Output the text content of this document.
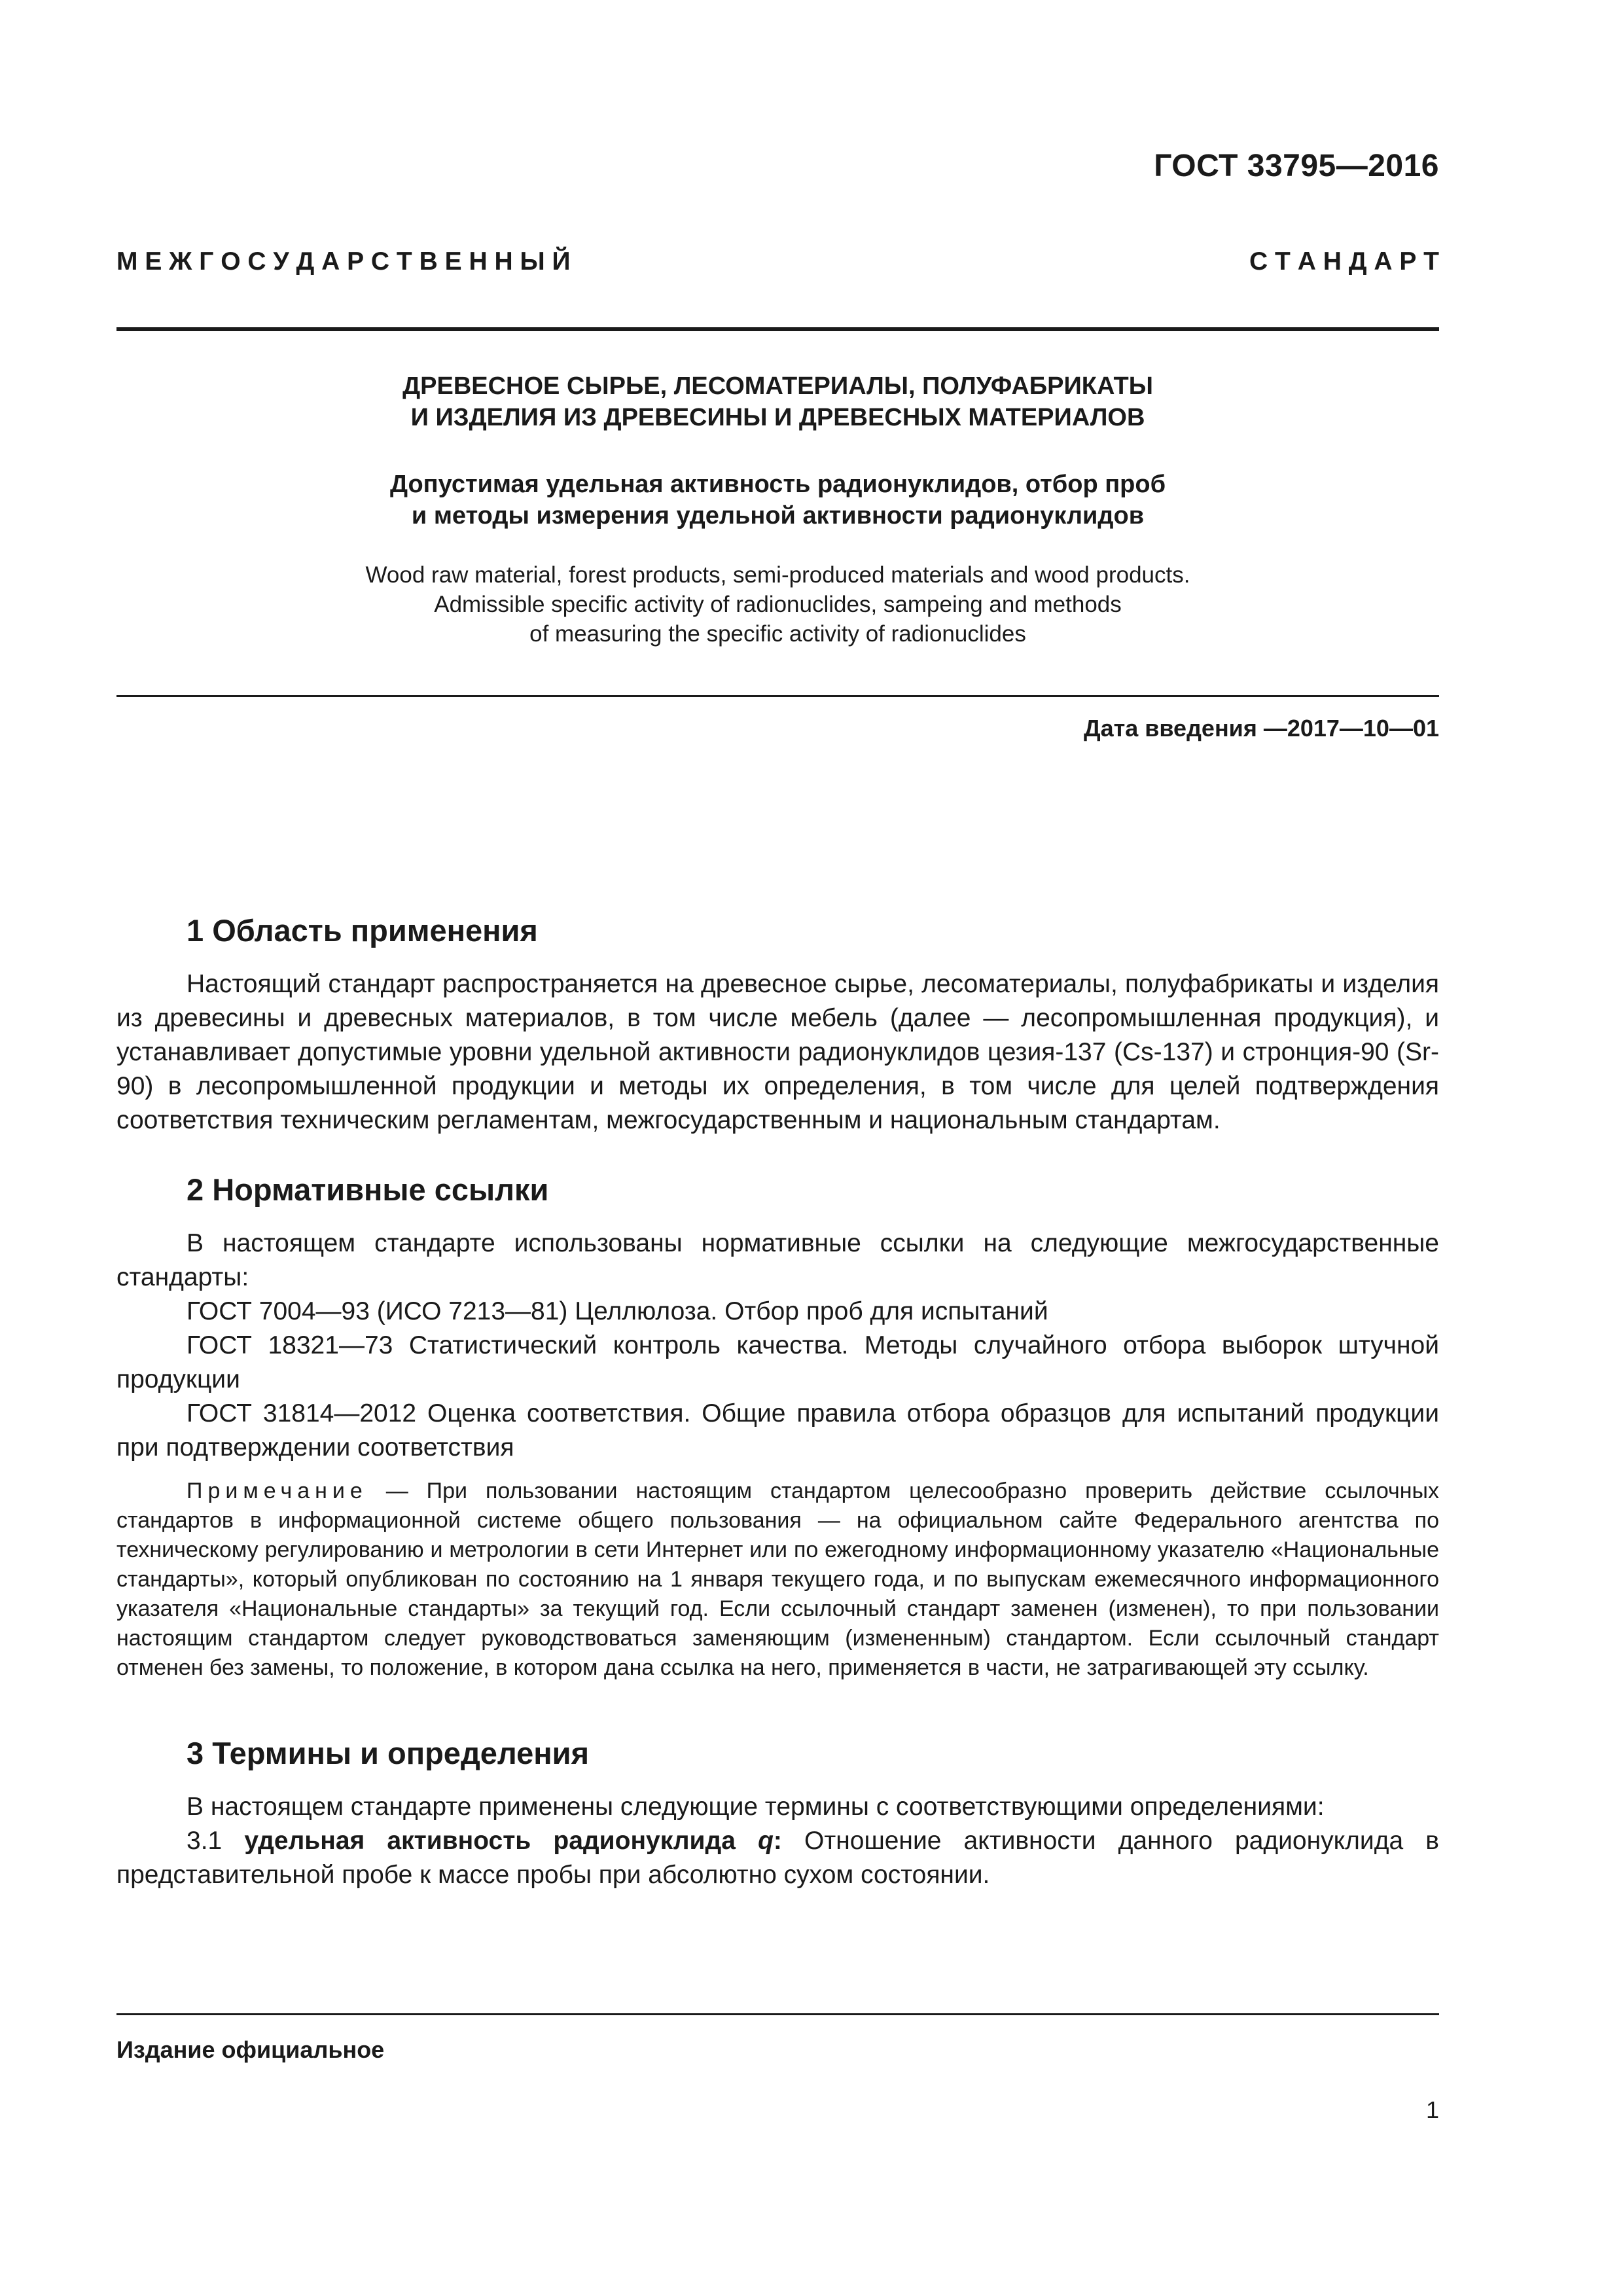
ГОСТ 33795—2016
М Е Ж Г О С У Д А Р С Т В Е Н Н Ы Й	С Т А Н Д А Р Т

ДРЕВЕСНОЕ СЫРЬЕ, ЛЕСОМАТЕРИАЛЫ, ПОЛУФАБРИКАТЫ
И ИЗДЕЛИЯ ИЗ ДРЕВЕСИНЫ И ДРЕВЕСНЫХ МАТЕРИАЛОВ

Допустимая удельная активность радионуклидов, отбор проб
и методы измерения удельной активности радионуклидов

Wood raw material, forest products, semi-produced materials and wood products.
Admissible specific activity of radionuclides, sampeing and methods
of measuring the specific activity of radionuclides

Дата введения —2017—10—01
1 Область применения

Настоящий стандарт распространяется на древесное сырье, лесоматериалы, полуфабрикаты и изделия из древесины и древесных материалов, в том числе мебель (далее — лесопромышленная продукция), и устанавливает допустимые уровни удельной активности радионуклидов цезия-137 (Cs-137) и стронция-90 (Sr-90) в лесопромышленной продукции и методы их определения, в том числе для целей подтверждения соответствия техническим регламентам, межгосударственным и национальным стандартам.

2 Нормативные ссылки

В настоящем стандарте использованы нормативные ссылки на следующие межгосударственные стандарты:

ГОСТ 7004—93 (ИСО 7213—81) Целлюлоза. Отбор проб для испытаний

ГОСТ 18321—73 Статистический контроль качества. Методы случайного отбора выборок штучной продукции

ГОСТ 31814—2012 Оценка соответствия. Общие правила отбора образцов для испытаний продукции при подтверждении соответствия

Примечание — При пользовании настоящим стандартом целесообразно проверить действие ссылочных стандартов в информационной системе общего пользования — на официальном сайте Федерального агентства по техническому регулированию и метрологии в сети Интернет или по ежегодному информационному указателю «Национальные стандарты», который опубликован по состоянию на 1 января текущего года, и по выпускам ежемесячного информационного указателя «Национальные стандарты» за текущий год. Если ссылочный стандарт заменен (изменен), то при пользовании настоящим стандартом следует руководствоваться заменяющим (измененным) стандартом. Если ссылочный стандарт отменен без замены, то положение, в котором дана ссылка на него, применяется в части, не затрагивающей эту ссылку.

3 Термины и определения

В настоящем стандарте применены следующие термины с соответствующими определениями:

3.1 удельная активность радионуклида q: Отношение активности данного радионуклида в представительной пробе к массе пробы при абсолютно сухом состоянии.

Издание официальное
1
